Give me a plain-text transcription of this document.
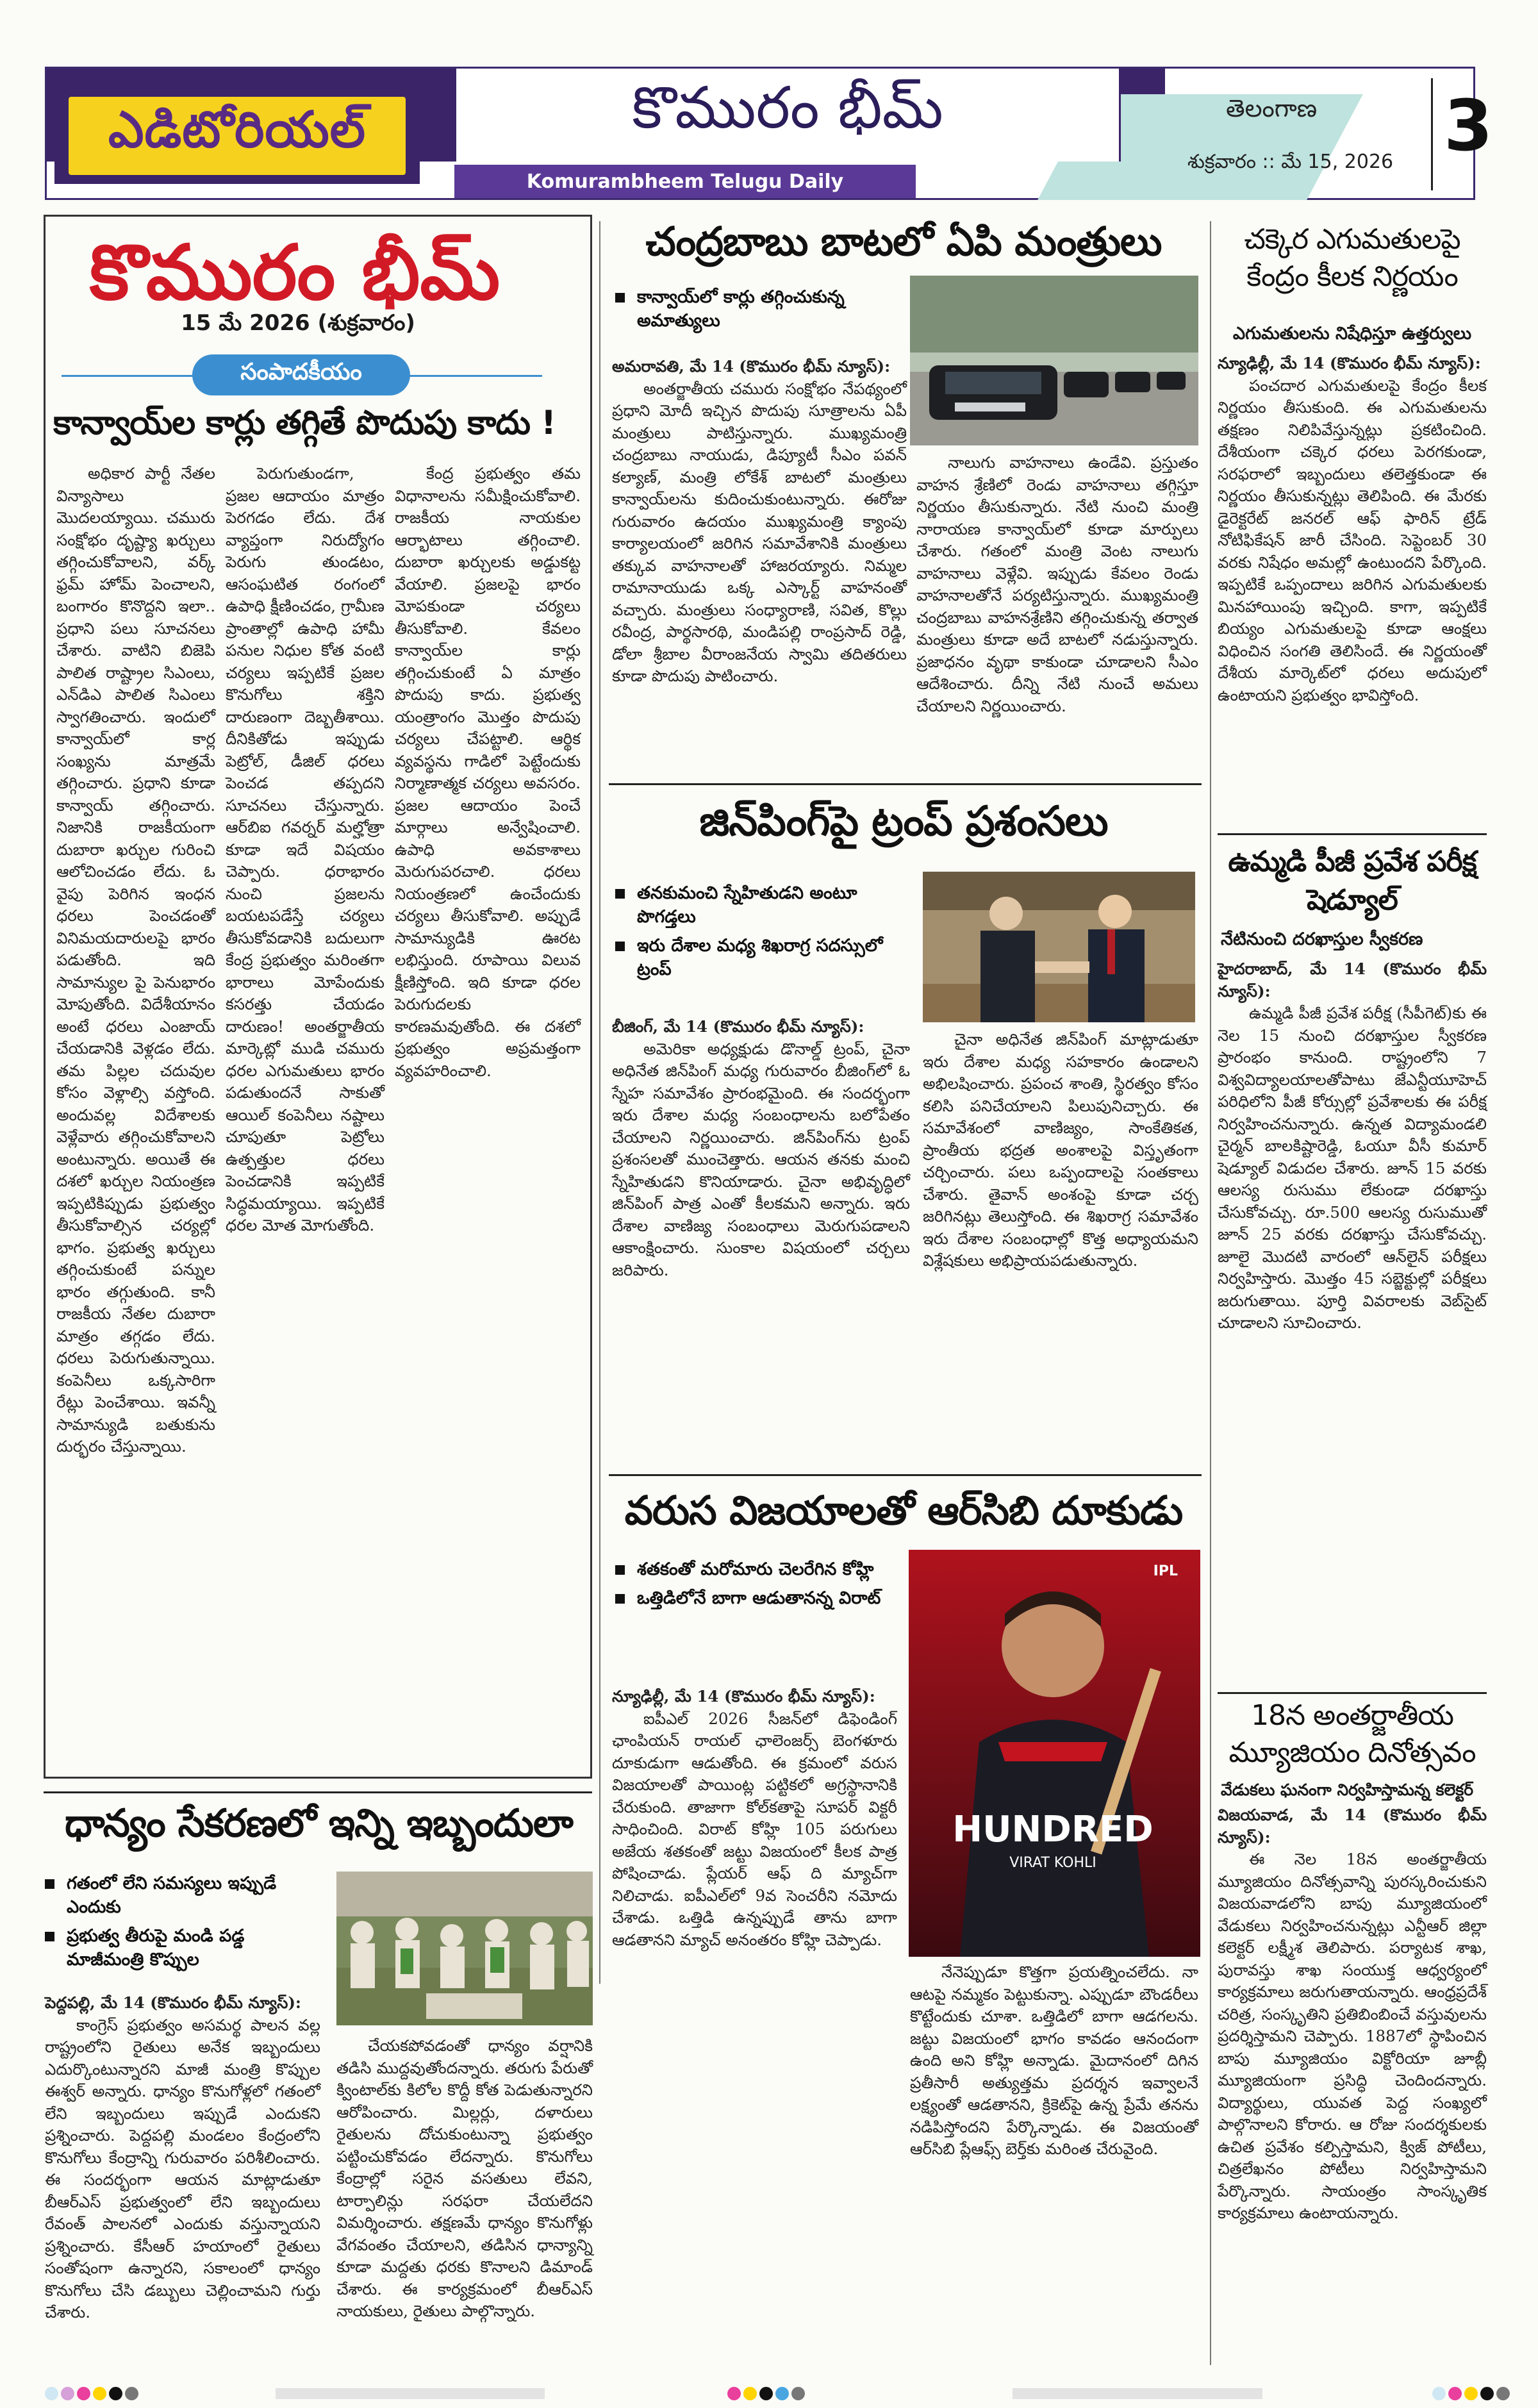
ఎడిటోరియల్	కొమురం భీమ్
Komurambheem Telugu Daily
తెలంగాణ
శుక్రవారం :: మే 15, 2026 3
కొమురం భీమ్
15 మే 2026 (శుక్రవారం)
సంపాదకీయం
కాన్వాయ్‌ల కార్లు తగ్గితే పొదుపు కాదు !

అధికార పార్టీ నేతల విన్యాసాలు మొదలయ్యాయి. చమురు సంక్షోభం దృష్ట్యా ఖర్చులు తగ్గించుకోవాలని, వర్క్ ఫ్రమ్ హోమ్ పెంచాలని, బంగారం కొనొద్దని ఇలా.. ప్రధాని పలు సూచనలు చేశారు. వాటిని బిజెపి పాలిత రాష్ట్రాల సిఎంలు, ఎన్‌డిఎ పాలిత సిఎంలు స్వాగతించారు. ఇందులో కాన్వాయ్‌లో కార్ల సంఖ్యను మాత్రమే తగ్గించారు. ప్రధాని కూడా కాన్వాయ్ తగ్గించారు. నిజానికి రాజకీయంగా దుబారా ఖర్చుల గురించి ఆలోచించడం లేదు. ఓ వైపు పెరిగిన ఇంధన ధరలు పెంచడంతో వినిమయదారులపై భారం పడుతోంది. ఇది సామాన్యుల పై పెనుభారం మోపుతోంది. విదేశీయానం అంటే ధరలు ఎంజాయ్ చేయడానికి వెళ్లడం లేదు. తమ పిల్లల చదువుల కోసం వెళ్లాల్సి వస్తోంది. అందువల్ల విదేశాలకు వెళ్లేవారు తగ్గించుకోవాలని అంటున్నారు. అయితే ఈ దశలో ఖర్చుల నియంత్రణ ఇప్పటికిప్పుడు ప్రభుత్వం తీసుకోవాల్సిన చర్యల్లో భాగం. ప్రభుత్వ ఖర్చులు తగ్గించుకుంటే పన్నుల భారం తగ్గుతుంది. కానీ రాజకీయ నేతల దుబారా మాత్రం తగ్గడం లేదు. ధరలు పెరుగుతున్నాయి. కంపెనీలు ఒక్కసారిగా రేట్లు పెంచేశాయి. ఇవన్నీ సామాన్యుడి బతుకును దుర్భరం చేస్తున్నాయి.

పెరుగుతుండగా, ప్రజల ఆదాయం మాత్రం పెరగడం లేదు. దేశ వ్యాప్తంగా నిరుద్యోగం పెరుగు తుండటం, ఆసంఘటిత రంగంలో ఉపాధి క్షీణించడం, గ్రామీణ ప్రాంతాల్లో ఉపాధి హామీ పనుల నిధుల కోత వంటి చర్యలు ఇప్పటికే ప్రజల కొనుగోలు శక్తిని దారుణంగా దెబ్బతీశాయి. దీనికితోడు ఇప్పుడు పెట్రోల్, డీజిల్ ధరలు పెంచడ తప్పదని సూచనలు చేస్తున్నారు. ఆర్‌బిఐ గవర్నర్ మల్హోత్రా కూడా ఇదే విషయం చెప్పారు. ధరాభారం నుంచి ప్రజలను బయటపడేస్తే చర్యలు తీసుకోవడానికి బదులుగా కేంద్ర ప్రభుత్వం మరింతగా భారాలు మోపేందుకు కసరత్తు చేయడం దారుణం! అంతర్జాతీయ మార్కెట్లో ముడి చమురు ధరల ఎగుమతులు భారం పడుతుందనే సాకుతో ఆయిల్ కంపెనీలు నష్టాలు చూపుతూ పెట్రోలు ఉత్పత్తుల ధరలు పెంచడానికి ఇప్పటికే సిద్ధమయ్యాయి. ఇప్పటికే ధరల మోత మోగుతోంది.

కేంద్ర ప్రభుత్వం తమ విధానాలను సమీక్షించుకోవాలి. రాజకీయ నాయకుల ఆర్భాటాలు తగ్గించాలి. దుబారా ఖర్చులకు అడ్డుకట్ట వేయాలి. ప్రజలపై భారం మోపకుండా చర్యలు తీసుకోవాలి. కేవలం కాన్వాయ్‌ల కార్లు తగ్గించుకుంటే ఏ మాత్రం పొదుపు కాదు. ప్రభుత్వ యంత్రాంగం మొత్తం పొదుపు చర్యలు చేపట్టాలి. ఆర్థిక వ్యవస్థను గాడిలో పెట్టేందుకు నిర్మాణాత్మక చర్యలు అవసరం. ప్రజల ఆదాయం పెంచే మార్గాలు అన్వేషించాలి. ఉపాధి అవకాశాలు మెరుగుపరచాలి. ధరలు నియంత్రణలో ఉంచేందుకు చర్యలు తీసుకోవాలి. అప్పుడే సామాన్యుడికి ఊరట లభిస్తుంది. రూపాయి విలువ క్షీణిస్తోంది. ఇది కూడా ధరల పెరుగుదలకు కారణమవుతోంది. ఈ దశలో ప్రభుత్వం అప్రమత్తంగా వ్యవహరించాలి.

ధాన్యం సేకరణలో ఇన్ని ఇబ్బందులా
గతంలో లేని సమస్యలు ఇప్పుడే ఎందుకు
ప్రభుత్వ తీరుపై మండి పడ్డ మాజీమంత్రి కొప్పుల
పెద్దపల్లి, మే 14 (కొమురం భీమ్ న్యూస్):

కాంగ్రెస్ ప్రభుత్వం అసమర్థ పాలన వల్ల రాష్ట్రంలోని రైతులు అనేక ఇబ్బందులు ఎదుర్కొంటున్నారని మాజీ మంత్రి కొప్పుల ఈశ్వర్ అన్నారు. ధాన్యం కొనుగోళ్లలో గతంలో లేని ఇబ్బందులు ఇప్పుడే ఎందుకని ప్రశ్నించారు. పెద్దపల్లి మండలం కేంద్రంలోని కొనుగోలు కేంద్రాన్ని గురువారం పరిశీలించారు. ఈ సందర్భంగా ఆయన మాట్లాడుతూ బీఆర్ఎస్ ప్రభుత్వంలో లేని ఇబ్బందులు రేవంత్ పాలనలో ఎందుకు వస్తున్నాయని ప్రశ్నించారు. కేసీఆర్ హయాంలో రైతులు సంతోషంగా ఉన్నారని, సకాలంలో ధాన్యం కొనుగోలు చేసి డబ్బులు చెల్లించామని గుర్తు చేశారు.

చేయకపోవడంతో ధాన్యం వర్షానికి తడిసి ముద్దవుతోందన్నారు. తరుగు పేరుతో క్వింటాల్‌కు కిలోల కొద్దీ కోత పెడుతున్నారని ఆరోపించారు. మిల్లర్లు, దళారులు రైతులను దోచుకుంటున్నా ప్రభుత్వం పట్టించుకోవడం లేదన్నారు. కొనుగోలు కేంద్రాల్లో సరైన వసతులు లేవని, టార్పాలిన్లు సరఫరా చేయలేదని విమర్శించారు. తక్షణమే ధాన్యం కొనుగోళ్లు వేగవంతం చేయాలని, తడిసిన ధాన్యాన్ని కూడా మద్దతు ధరకు కొనాలని డిమాండ్ చేశారు. ఈ కార్యక్రమంలో బీఆర్ఎస్ నాయకులు, రైతులు పాల్గొన్నారు.

చంద్రబాబు బాటలో ఏపి మంత్రులు
కాన్వాయ్‌లో కార్లు తగ్గించుకున్న అమాత్యులు
అమరావతి, మే 14 (కొమురం భీమ్ న్యూస్):

అంతర్జాతీయ చమురు సంక్షోభం నేపథ్యంలో ప్రధాని మోదీ ఇచ్చిన పొదుపు సూత్రాలను ఏపీ మంత్రులు పాటిస్తున్నారు. ముఖ్యమంత్రి చంద్రబాబు నాయుడు, డిప్యూటీ సీఎం పవన్ కల్యాణ్, మంత్రి లోకేశ్ బాటలో మంత్రులు కాన్వాయ్‌లను కుదించుకుంటున్నారు. ఈరోజు గురువారం ఉదయం ముఖ్యమంత్రి క్యాంపు కార్యాలయంలో జరిగిన సమావేశానికి మంత్రులు తక్కువ వాహనాలతో హాజరయ్యారు. నిమ్మల రామానాయుడు ఒక్క ఎస్కార్ట్ వాహనంతో వచ్చారు. మంత్రులు సంధ్యారాణి, సవిత, కొల్లు రవీంద్ర, పార్థసారథి, మండిపల్లి రాంప్రసాద్ రెడ్డి, డోలా శ్రీబాల వీరాంజనేయ స్వామి తదితరులు కూడా పొదుపు పాటించారు.

నాలుగు వాహనాలు ఉండేవి. ప్రస్తుతం వాహన శ్రేణిలో రెండు వాహనాలు తగ్గిస్తూ నిర్ణయం తీసుకున్నారు. నేటి నుంచి మంత్రి నారాయణ కాన్వాయ్‌లో కూడా మార్పులు చేశారు. గతంలో మంత్రి వెంట నాలుగు వాహనాలు వెళ్లేవి. ఇప్పుడు కేవలం రెండు వాహనాలతోనే పర్యటిస్తున్నారు. ముఖ్యమంత్రి చంద్రబాబు వాహనశ్రేణిని తగ్గించుకున్న తర్వాత మంత్రులు కూడా అదే బాటలో నడుస్తున్నారు. ప్రజాధనం వృథా కాకుండా చూడాలని సీఎం ఆదేశించారు. దీన్ని నేటి నుంచే అమలు చేయాలని నిర్ణయించారు.

జిన్‌పింగ్‌పై ట్రంప్ ప్రశంసలు
తనకుమంచి స్నేహితుడని అంటూ పొగడ్తలు
ఇరు దేశాల మధ్య శిఖరాగ్ర సదస్సులో ట్రంప్
బీజింగ్, మే 14 (కొమురం భీమ్ న్యూస్):

అమెరికా అధ్యక్షుడు డొనాల్డ్ ట్రంప్, చైనా అధినేత జిన్‌పింగ్ మధ్య గురువారం బీజింగ్‌లో ఓ స్నేహ సమావేశం ప్రారంభమైంది. ఈ సందర్భంగా ఇరు దేశాల మధ్య సంబంధాలను బలోపేతం చేయాలని నిర్ణయించారు. జిన్‌పింగ్‌ను ట్రంప్ ప్రశంసలతో ముంచెత్తారు. ఆయన తనకు మంచి స్నేహితుడని కొనియాడారు. చైనా అభివృద్ధిలో జిన్‌పింగ్ పాత్ర ఎంతో కీలకమని అన్నారు. ఇరు దేశాల వాణిజ్య సంబంధాలు మెరుగుపడాలని ఆకాంక్షించారు. సుంకాల విషయంలో చర్చలు జరిపారు.

చైనా అధినేత జిన్‌పింగ్ మాట్లాడుతూ ఇరు దేశాల మధ్య సహకారం ఉండాలని అభిలషించారు. ప్రపంచ శాంతి, స్థిరత్వం కోసం కలిసి పనిచేయాలని పిలుపునిచ్చారు. ఈ సమావేశంలో వాణిజ్యం, సాంకేతికత, ప్రాంతీయ భద్రత అంశాలపై విస్తృతంగా చర్చించారు. పలు ఒప్పందాలపై సంతకాలు చేశారు. తైవాన్ అంశంపై కూడా చర్చ జరిగినట్లు తెలుస్తోంది. ఈ శిఖరాగ్ర సమావేశం ఇరు దేశాల సంబంధాల్లో కొత్త అధ్యాయమని విశ్లేషకులు అభిప్రాయపడుతున్నారు.

వరుస విజయాలతో ఆర్‌సిబి దూకుడు
శతకంతో మరోమారు చెలరేగిన కోహ్లి
ఒత్తిడిలోనే బాగా ఆడుతానన్న విరాట్
HUNDRED
VIRAT KOHLI
IPL
న్యూఢిల్లీ, మే 14 (కొమురం భీమ్ న్యూస్):

ఐపీఎల్ 2026 సీజన్‌లో డిఫెండింగ్ ఛాంపియన్ రాయల్ ఛాలెంజర్స్ బెంగళూరు దూకుడుగా ఆడుతోంది. ఈ క్రమంలో వరుస విజయాలతో పాయింట్ల పట్టికలో అగ్రస్థానానికి చేరుకుంది. తాజాగా కోల్‌కతాపై సూపర్ విక్టరీ సాధించింది. విరాట్ కోహ్లి 105 పరుగులు అజేయ శతకంతో జట్టు విజయంలో కీలక పాత్ర పోషించాడు. ప్లేయర్ ఆఫ్ ది మ్యాచ్‌గా నిలిచాడు. ఐపీఎల్‌లో 9వ సెంచరీని నమోదు చేశాడు. ఒత్తిడి ఉన్నప్పుడే తాను బాగా ఆడతానని మ్యాచ్ అనంతరం కోహ్లి చెప్పాడు.

నేనెప్పుడూ కొత్తగా ప్రయత్నించలేదు. నా ఆటపై నమ్మకం పెట్టుకున్నా. ఎప్పుడూ బౌండరీలు కొట్టేందుకు చూశా. ఒత్తిడిలో బాగా ఆడగలను. జట్టు విజయంలో భాగం కావడం ఆనందంగా ఉంది అని కోహ్లి అన్నాడు. మైదానంలో దిగిన ప్రతీసారీ అత్యుత్తమ ప్రదర్శన ఇవ్వాలనే లక్ష్యంతో ఆడతానని, క్రికెట్‌పై ఉన్న ప్రేమే తనను నడిపిస్తోందని పేర్కొన్నాడు. ఈ విజయంతో ఆర్‌సిబి ప్లేఆఫ్స్ బెర్త్‌కు మరింత చేరువైంది.

చక్కెర ఎగుమతులపై కేంద్రం కీలక నిర్ణయం
ఎగుమతులను నిషేధిస్తూ ఉత్తర్వులు
న్యూఢిల్లీ, మే 14 (కొమురం భీమ్ న్యూస్):

పంచదార ఎగుమతులపై కేంద్రం కీలక నిర్ణయం తీసుకుంది. ఈ ఎగుమతులను తక్షణం నిలిపివేస్తున్నట్లు ప్రకటించింది. దేశీయంగా చక్కెర ధరలు పెరగకుండా, సరఫరాలో ఇబ్బందులు తలెత్తకుండా ఈ నిర్ణయం తీసుకున్నట్లు తెలిపింది. ఈ మేరకు డైరెక్టరేట్ జనరల్ ఆఫ్ ఫారిన్ ట్రేడ్ నోటిఫికేషన్ జారీ చేసింది. సెప్టెంబర్ 30 వరకు నిషేధం అమల్లో ఉంటుందని పేర్కొంది. ఇప్పటికే ఒప్పందాలు జరిగిన ఎగుమతులకు మినహాయింపు ఇచ్చింది. కాగా, ఇప్పటికే బియ్యం ఎగుమతులపై కూడా ఆంక్షలు విధించిన సంగతి తెలిసిందే. ఈ నిర్ణయంతో దేశీయ మార్కెట్‌లో ధరలు అదుపులో ఉంటాయని ప్రభుత్వం భావిస్తోంది.

ఉమ్మడి పీజీ ప్రవేశ పరీక్ష షెడ్యూల్
నేటినుంచి దరఖాస్తుల స్వీకరణ
హైదరాబాద్, మే 14 (కొమురం భీమ్ న్యూస్):

ఉమ్మడి పీజీ ప్రవేశ పరీక్ష (సీపీగెట్)కు ఈ నెల 15 నుంచి దరఖాస్తుల స్వీకరణ ప్రారంభం కానుంది. రాష్ట్రంలోని 7 విశ్వవిద్యాలయాలతోపాటు జేఎన్టీయూహెచ్ పరిధిలోని పీజీ కోర్సుల్లో ప్రవేశాలకు ఈ పరీక్ష నిర్వహించనున్నారు. ఉన్నత విద్యామండలి చైర్మన్ బాలకిష్టారెడ్డి, ఓయూ వీసీ కుమార్ షెడ్యూల్ విడుదల చేశారు. జూన్ 15 వరకు ఆలస్య రుసుము లేకుండా దరఖాస్తు చేసుకోవచ్చు. రూ.500 ఆలస్య రుసుముతో జూన్ 25 వరకు దరఖాస్తు చేసుకోవచ్చు. జూలై మొదటి వారంలో ఆన్‌లైన్ పరీక్షలు నిర్వహిస్తారు. మొత్తం 45 సబ్జెక్టుల్లో పరీక్షలు జరుగుతాయి. పూర్తి వివరాలకు వెబ్‌సైట్ చూడాలని సూచించారు.

18న అంతర్జాతీయ మ్యూజియం దినోత్సవం
వేడుకలు ఘనంగా నిర్వహిస్తామన్న కలెక్టర్
విజయవాడ, మే 14 (కొమురం భీమ్ న్యూస్):

ఈ నెల 18న అంతర్జాతీయ మ్యూజియం దినోత్సవాన్ని పురస్కరించుకుని విజయవాడలోని బాపు మ్యూజియంలో వేడుకలు నిర్వహించనున్నట్లు ఎన్టీఆర్ జిల్లా కలెక్టర్ లక్ష్మీశ తెలిపారు. పర్యాటక శాఖ, పురావస్తు శాఖ సంయుక్త ఆధ్వర్యంలో కార్యక్రమాలు జరుగుతాయన్నారు. ఆంధ్రప్రదేశ్ చరిత్ర, సంస్కృతిని ప్రతిబింబించే వస్తువులను ప్రదర్శిస్తామని చెప్పారు. 1887లో స్థాపించిన బాపు మ్యూజియం విక్టోరియా జూబ్లీ మ్యూజియంగా ప్రసిద్ధి చెందిందన్నారు. విద్యార్థులు, యువత పెద్ద సంఖ్యలో పాల్గొనాలని కోరారు. ఆ రోజు సందర్శకులకు ఉచిత ప్రవేశం కల్పిస్తామని, క్విజ్ పోటీలు, చిత్రలేఖనం పోటీలు నిర్వహిస్తామని పేర్కొన్నారు. సాయంత్రం సాంస్కృతిక కార్యక్రమాలు ఉంటాయన్నారు.
